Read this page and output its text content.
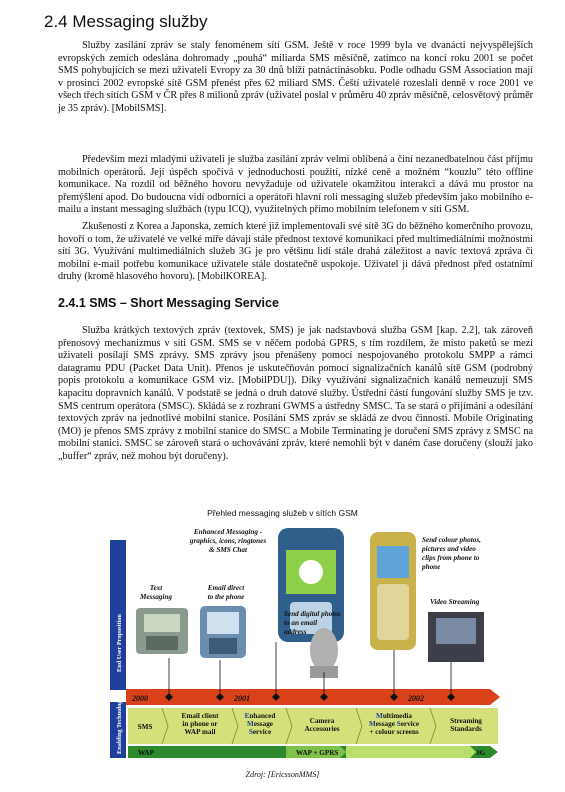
2.4 Messaging služby

Služby zasílání zpráv se staly fenoménem sítí GSM. Ještě v roce 1999 byla ve dvanácti nejvyspělejších evropských zemích odeslána dohromady „pouhá“ miliarda SMS měsíčně, zatímco na konci roku 2001 se počet SMS pohybujících se mezi uživateli Evropy za 30 dnů blíží patnáctinásobku. Podle odhadu GSM Association mají v prosinci 2002 evropské sítě GSM přenést přes 62 miliard SMS. Čeští uživatelé rozeslali denně v roce 2001 ve všech třech sítích GSM v ČR přes 8 milionů zpráv (uživatel poslal v průměru 40 zpráv měsíčně, celosvětový průměr je 35 zpráv). [MobilSMS].

Především mezi mladými uživateli je služba zasílání zpráv velmi oblíbená a činí nezanedbatelnou část příjmu mobilních operátorů. Její úspěch spočívá v jednoduchosti použití, nízké ceně a možném “kouzlu” této offline komunikace. Na rozdíl od běžného hovoru nevyžaduje od uživatele okamžitou interakci a dává mu prostor na přemýšlení apod. Do budoucna vidí odborníci a operátoři hlavní roli messaging služeb především jako mobilního e-mailu a instant messaging službách (typu ICQ), využitelných přímo mobilním telefonem v síti GSM.

Zkušenosti z Korea a Japonska, zemích které již implementovali své sítě 3G do běžného komerčního provozu, hovoří o tom, že uživatelé ve velké míře dávají stále přednost textové komunikaci před multimediálními možnostmi sítí 3G. Využívání multimediálních služeb 3G je pro většinu lidí stále drahá záležitost a navíc textová zpráva či mobilní e-mail potřebu komunikace uživatele stále dostatečně uspokoje. Uživatel ji dává přednost před ostatními druhy (kromě hlasového hovoru). [MobilKOREA].

2.4.1 SMS – Short Messaging Service

Služba krátkých textových zpráv (textovek, SMS) je jak nadstavbová služba GSM [kap. 2.2], tak zároveň přenosový mechanizmus v síti GSM. SMS se v něčem podobá GPRS, s tím rozdílem, že místo paketů se mezi uživateli posílají SMS zprávy. SMS zprávy jsou přenášeny pomocí nespojovaného protokolu SMPP a rámci datagramu PDU (Packet Data Unit). Přenos je uskutečňován pomocí signalizačních kanálů sítě GSM (podrobný popis protokolu a komunikace GSM viz. [MobilPDU]). Díky využívání signalizačních kanálů nemeuzují SMS kapacitu dopravních kanálů. V podstatě se jedná o druh datové služby. Ústřední částí fungování služby SMS je tzv. SMS centrum operátora (SMSC). Skládá se z rozhraní GWMS a ústředny SMSC. Ta se stará o přijímání a odesílání textových zpráv na jednotlivé mobilní stanice. Posílání SMS zpráv se skládá ze dvou činností. Mobile Originating (MO) je přenos SMS zprávy z mobilní stanice do SMSC a Mobile Terminating je doručení SMS zprávy z SMSC na mobilní stanici. SMSC se zároveň stará o uchovávání zpráv, které nemohli být v daném čase doručeny (slouží jako „buffer“ zpráv, než mohou být doručeny).

Přehled messaging služeb v sítích GSM
End User Proposition
Enabling Technology
Text Messaging
Email direct to the phone
Enhanced Messaging -graphics, icons, ringtones & SMS Chat
Send digital photos to an email address
Send colour photos, pictures and video clips from phone to phone
Video Streaming
2000	2001	2002
SMS
Email client in phone or WAP mail
Enhanced Message Service
Camera Accessories
Multimedia Message Service + colour screens
Streaming Standards
WAP	WAP + GPRS	3G
Zdroj: [EricssonMMS]
